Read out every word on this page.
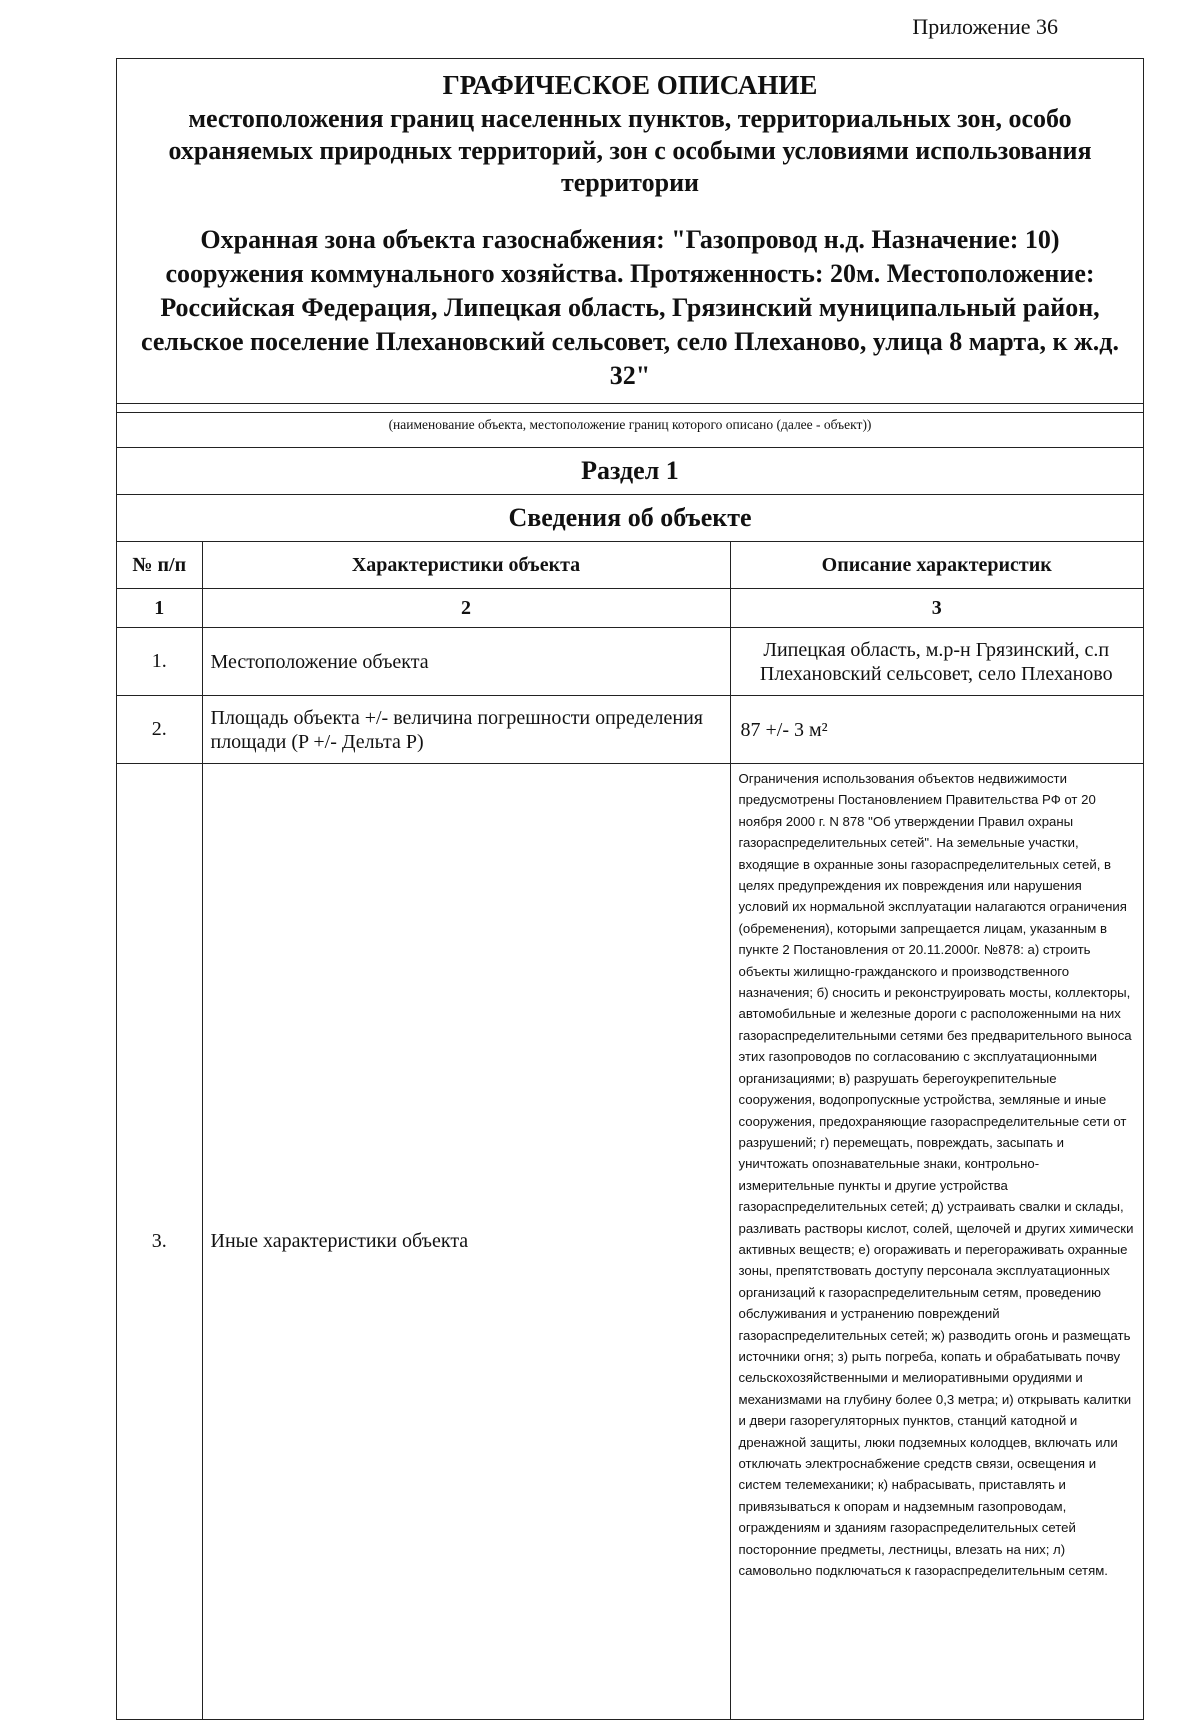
Приложение 36
ГРАФИЧЕСКОЕ ОПИСАНИЕ
местоположения границ населенных пунктов, территориальных зон, особо охраняемых природных территорий, зон с особыми условиями использования территории
Охранная зона объекта газоснабжения: "Газопровод н.д. Назначение: 10) сооружения коммунального хозяйства. Протяженность: 20м. Местоположение: Российская Федерация, Липецкая область, Грязинский муниципальный район, сельское поселение Плехановский сельсовет, село Плеханово, улица 8 марта, к ж.д. 32"
(наименование объекта, местоположение границ которого описано (далее - объект))
Раздел 1
Сведения об объекте
№ п/п	Характеристики объекта	Описание характеристик
1	2	3
1.	Местоположение объекта	Липецкая область, м.р-н Грязинский, с.п Плехановский сельсовет, село Плеханово
2.	Площадь объекта +/- величина погрешности определения площади (P +/- Дельта P)	87 +/- 3 м²
3.	Иные характеристики объекта	Ограничения использования объектов недвижимости предусмотрены Постановлением Правительства РФ от 20 ноября 2000 г. N 878 "Об утверждении Правил охраны газораспределительных сетей". На земельные участки, входящие в охранные зоны газораспределительных сетей, в целях предупреждения их повреждения или нарушения условий их нормальной эксплуатации налагаются ограничения (обременения), которыми запрещается лицам, указанным в пункте 2 Постановления от 20.11.2000г. №878: а) строить объекты жилищно-гражданского и производственного назначения; б) сносить и реконструировать мосты, коллекторы, автомобильные и железные дороги с расположенными на них газораспределительными сетями без предварительного выноса этих газопроводов по согласованию с эксплуатационными организациями; в) разрушать берегоукрепительные сооружения, водопропускные устройства, земляные и иные сооружения, предохраняющие газораспределительные сети от разрушений; г) перемещать, повреждать, засыпать и уничтожать опознавательные знаки, контрольно-измерительные пункты и другие устройства газораспределительных сетей; д) устраивать свалки и склады, разливать растворы кислот, солей, щелочей и других химически активных веществ; е) огораживать и перегораживать охранные зоны, препятствовать доступу персонала эксплуатационных организаций к газораспределительным сетям, проведению обслуживания и устранению повреждений газораспределительных сетей; ж) разводить огонь и размещать источники огня; з) рыть погреба, копать и обрабатывать почву сельскохозяйственными и мелиоративными орудиями и механизмами на глубину более 0,3 метра; и) открывать калитки и двери газорегуляторных пунктов, станций катодной и дренажной защиты, люки подземных колодцев, включать или отключать электроснабжение средств связи, освещения и систем телемеханики; к) набрасывать, приставлять и привязываться к опорам и надземным газопроводам, ограждениям и зданиям газораспределительных сетей посторонние предметы, лестницы, влезать на них; л) самовольно подключаться к газораспределительным сетям.
